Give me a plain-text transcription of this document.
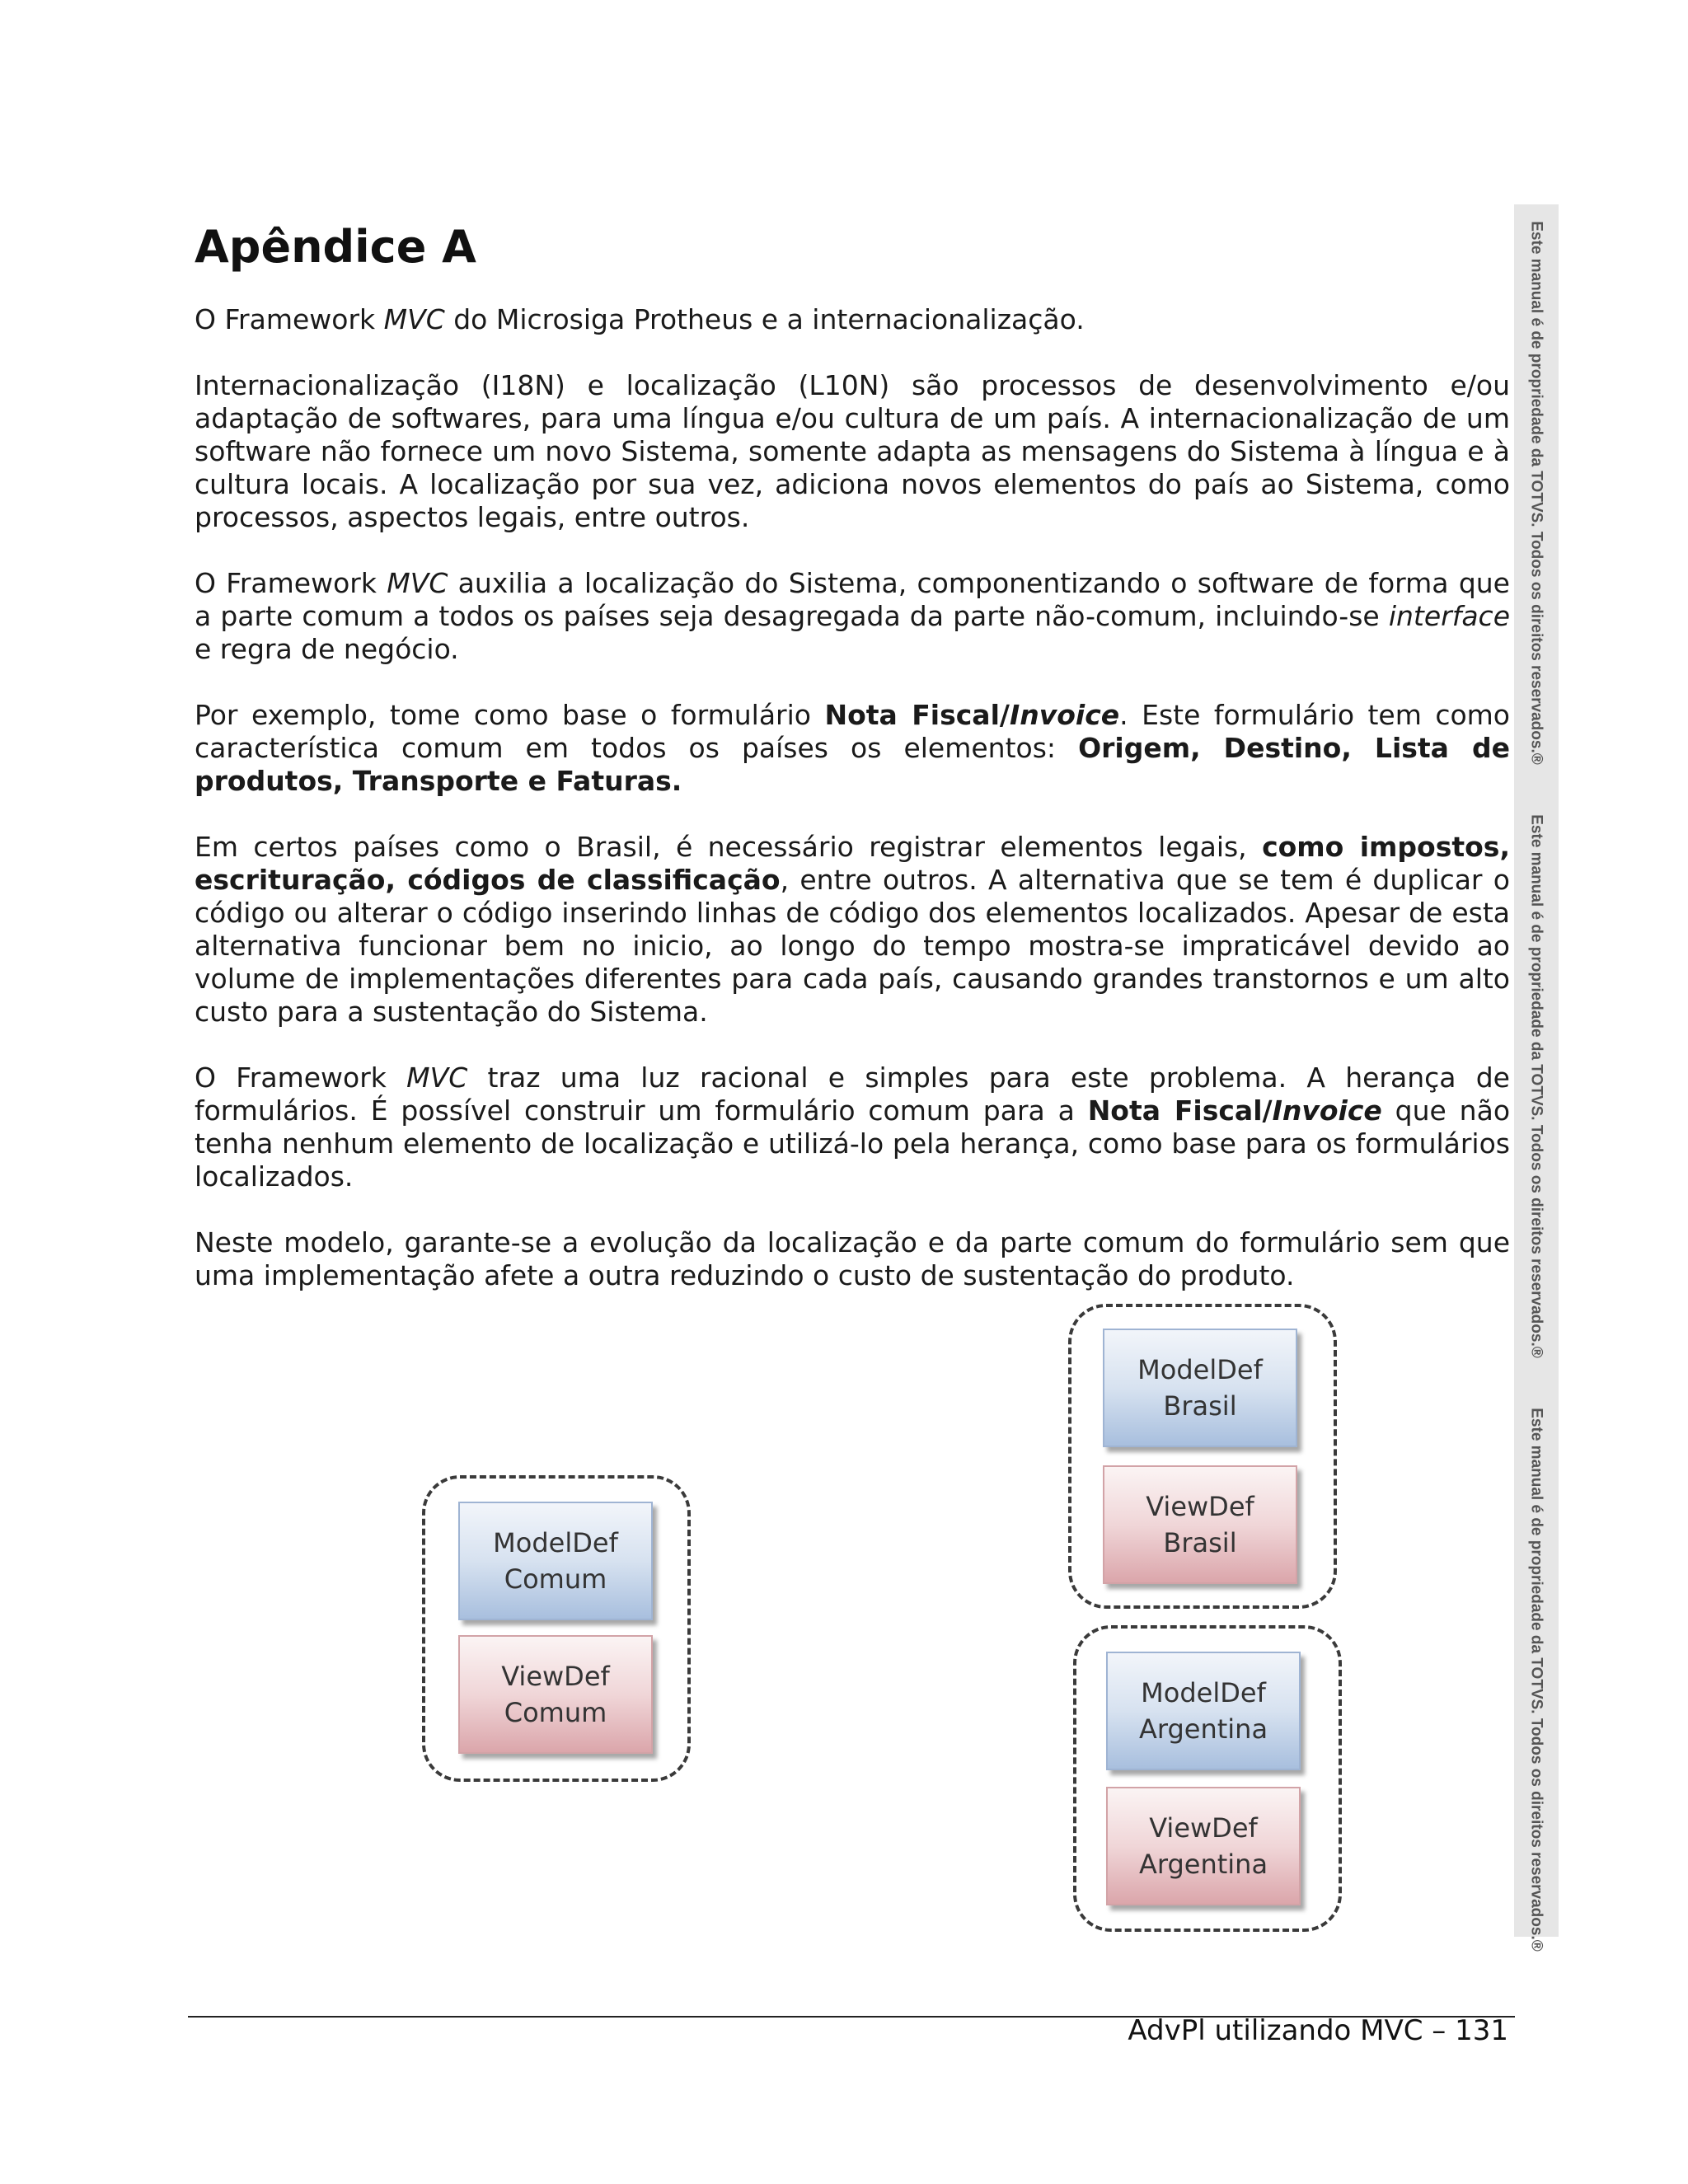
Apêndice A

O Framework MVC do Microsiga Protheus e a internacionalização.

Internacionalização (I18N) e localização (L10N) são processos de desenvolvimento e/ou adaptação de softwares, para uma língua e/ou cultura de um país. A internacionalização de um software não fornece um novo Sistema, somente adapta as mensagens do Sistema à língua e à cultura locais. A localização por sua vez, adiciona novos elementos do país ao Sistema, como processos, aspectos legais, entre outros.

O Framework MVC auxilia a localização do Sistema, componentizando o software de forma que a parte comum a todos os países seja desagregada da parte não-comum, incluindo-se interface e regra de negócio.

Por exemplo, tome como base o formulário Nota Fiscal/Invoice. Este formulário tem como característica comum em todos os países os elementos: Origem, Destino, Lista de produtos, Transporte e Faturas.

Em certos países como o Brasil, é necessário registrar elementos legais, como impostos, escrituração, códigos de classificação, entre outros. A alternativa que se tem é duplicar o código ou alterar o código inserindo linhas de código dos elementos localizados. Apesar de esta alternativa funcionar bem no inicio, ao longo do tempo mostra-se impraticável devido ao volume de implementações diferentes para cada país, causando grandes transtornos e um alto custo para a sustentação do Sistema.

O Framework MVC traz uma luz racional e simples para este problema. A herança de formulários. É possível construir um formulário comum para a Nota Fiscal/Invoice que não tenha nenhum elemento de localização e utilizá-lo pela herança, como base para os formulários localizados.

Neste modelo, garante-se a evolução da localização e da parte comum do formulário sem que uma implementação afete a outra reduzindo o custo de sustentação do produto.

ModelDef
Comum
ViewDef
Comum
ModelDef
Brasil
ViewDef
Brasil
ModelDef
Argentina
ViewDef
Argentina
Este manual é de propriedade da TOTVS. Todos os direitos reservados.®
Este manual é de propriedade da TOTVS. Todos os direitos reservados.®
Este manual é de propriedade da TOTVS. Todos os direitos reservados.®
AdvPl utilizando MVC – 131
